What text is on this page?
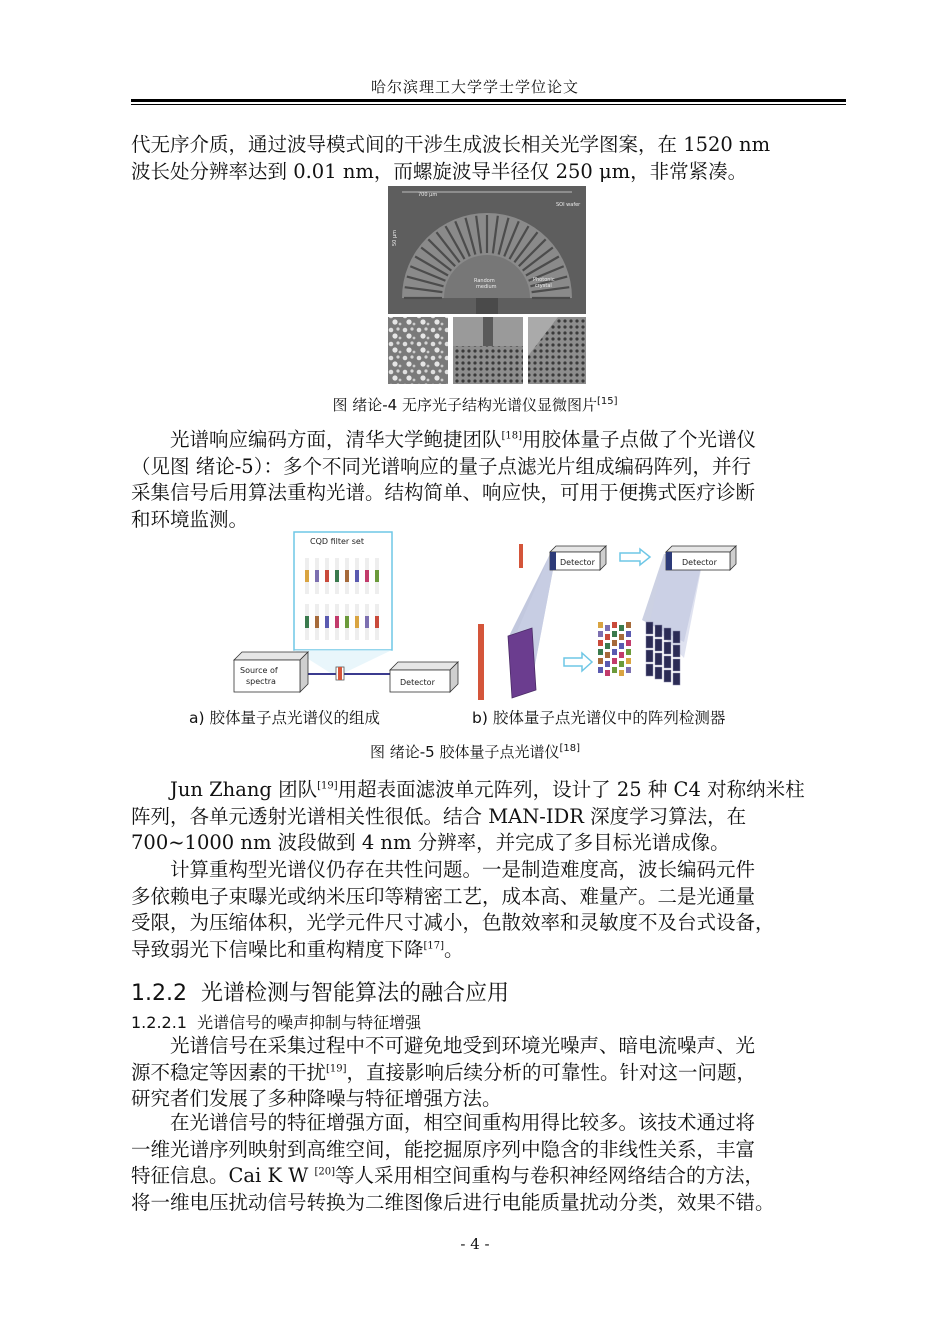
哈尔滨理工大学学士学位论文
代无序介质，通过波导模式间的干涉生成波长相关光学图案，在 1520 nm
波长处分辨率达到 0.01 nm，而螺旋波导半径仅 250 μm，非常紧凑。
700 μm
50 μm
SOI wafer
Random
medium
Photonic
crystal
图 绪论-4 无序光子结构光谱仪显微图片[15]
光谱响应编码方面，清华大学鲍捷团队[18]用胶体量子点做了个光谱仪
（见图 绪论-5）：多个不同光谱响应的量子点滤光片组成编码阵列，并行
采集信号后用算法重构光谱。结构简单、响应快，可用于便携式医疗诊断
和环境监测。
CQD filter set
Source of
spectra	Detector
Detector	Detector
a) 胶体量子点光谱仪的组成	b) 胶体量子点光谱仪中的阵列检测器
图 绪论-5 胶体量子点光谱仪[18]
Jun Zhang 团队[19]用超表面滤波单元阵列，设计了 25 种 C4 对称纳米柱
阵列，各单元透射光谱相关性很低。结合 MAN-IDR 深度学习算法，在
700~1000 nm 波段做到 4 nm 分辨率，并完成了多目标光谱成像。
计算重构型光谱仪仍存在共性问题。一是制造难度高，波长编码元件
多依赖电子束曝光或纳米压印等精密工艺，成本高、难量产。二是光通量
受限，为压缩体积，光学元件尺寸减小，色散效率和灵敏度不及台式设备，
导致弱光下信噪比和重构精度下降[17]。
1.2.2 光谱检测与智能算法的融合应用
1.2.2.1 光谱信号的噪声抑制与特征增强
光谱信号在采集过程中不可避免地受到环境光噪声、暗电流噪声、光
源不稳定等因素的干扰[19]，直接影响后续分析的可靠性。针对这一问题，
研究者们发展了多种降噪与特征增强方法。
在光谱信号的特征增强方面，相空间重构用得比较多。该技术通过将
一维光谱序列映射到高维空间，能挖掘原序列中隐含的非线性关系，丰富
特征信息。Cai K W [20]等人采用相空间重构与卷积神经网络结合的方法，
将一维电压扰动信号转换为二维图像后进行电能质量扰动分类，效果不错。
- 4 -
